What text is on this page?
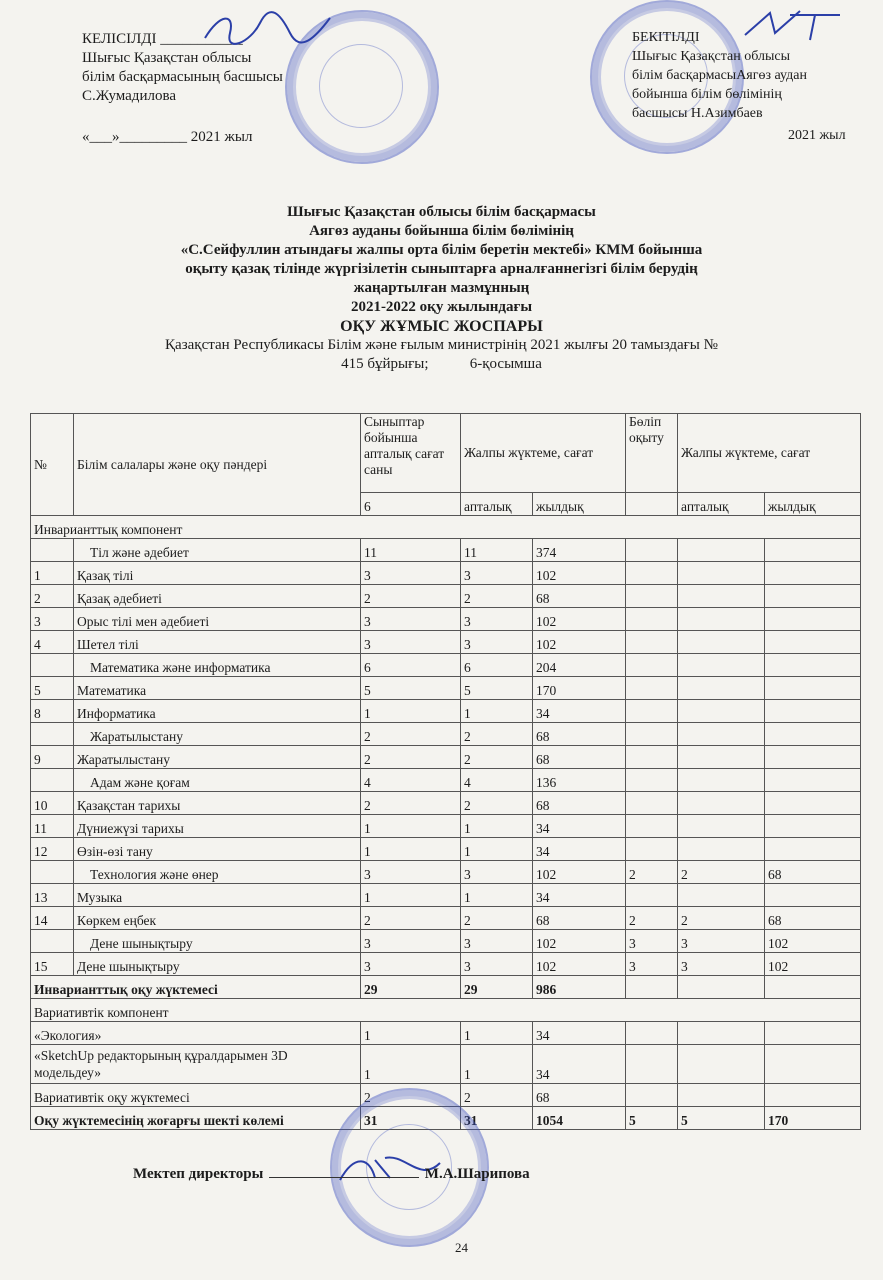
КЕЛІСІЛДІ ___________
Шығыс Қазақстан облысы
білім басқармасының басшысы
С.Жумадилова
«___»_________ 2021 жыл
БЕКІТІЛДІ
Шығыс Қазақстан облысы
білім басқармасыАягөз аудан
бойынша білім бөлімінің
басшысы Н.Азимбаев
2021 жыл
Шығыс Қазақстан облысы білім басқармасы
Аягөз ауданы бойынша білім бөлімінің
«С.Сейфуллин атындағы жалпы орта білім беретін мектебі» КММ бойынша
оқыту қазақ тілінде жүргізілетін сыныптарға арналғаннегізгі білім берудің
жаңартылған мазмұнның
2021-2022 оқу жылындағы
ОҚУ ЖҰМЫС ЖОСПАРЫ
Қазақстан Республикасы Білім және ғылым министрінің 2021 жылғы 20 тамыздағы №
415 бұйрығы;           6-қосымша
№	Білім салалары және оқу пәндері	Сыныптар бойынша апталық сағат саны	Жалпы жүктеме, сағат		Бөліп оқыту	Жалпы жүктеме, сағат	
		6	апталық	жылдық		апталық	жылдық
Инварианттық компонент							
	Тіл және әдебиет	11	11	374			
1	Қазақ тілі	3	3	102			
2	Қазақ әдебиеті	2	2	68			
3	Орыс тілі мен әдебиеті	3	3	102			
4	Шетел тілі	3	3	102			
	Математика және информатика	6	6	204			
5	Математика	5	5	170			
8	Информатика	1	1	34			
	Жаратылыстану	2	2	68			
9	Жаратылыстану	2	2	68			
	Адам және қоғам	4	4	136			
10	Қазақстан тарихы	2	2	68			
11	Дүниежүзі тарихы	1	1	34			
12	Өзін-өзі тану	1	1	34			
	Технология және өнер	3	3	102	2	2	68
13	Музыка	1	1	34			
14	Көркем еңбек	2	2	68	2	2	68
	Дене шынықтыру	3	3	102	3	3	102
15	Дене шынықтыру	3	3	102	3	3	102
Инварианттық оқу жүктемесі		29	29	986			
Вариативтік компонент							
«Экология»		1	1	34			
«SketchUp редакторының құралдарымен 3D модельдеу»		1	1	34			
Вариативтік оқу жүктемесі		2	2	68			
Оқу жүктемесінің жоғарғы шекті көлемі		31	31	1054	5	5	170
Мектеп директоры	М.А.Шарипова
24
